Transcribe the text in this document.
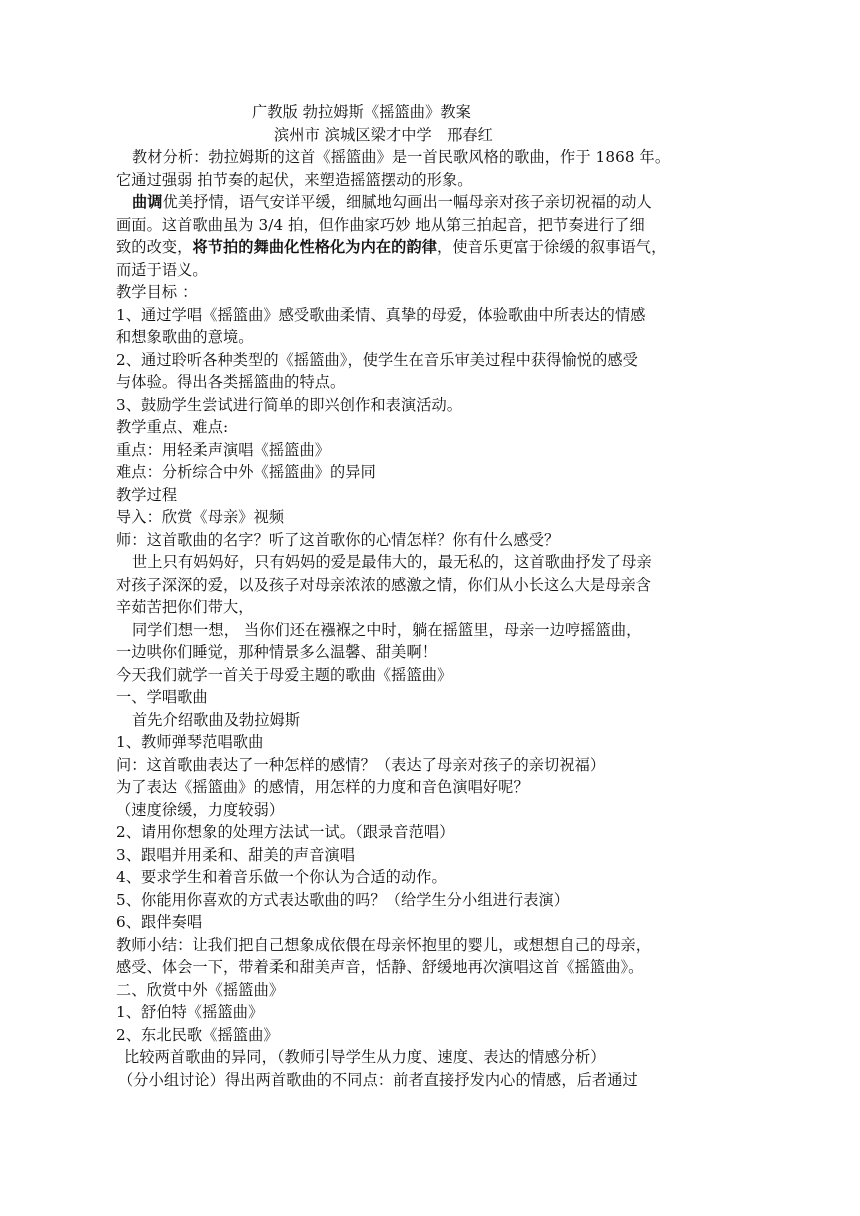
广教版 勃拉姆斯《摇篮曲》教案
滨州市 滨城区梁才中学　邢春红
教材分析：勃拉姆斯的这首《摇篮曲》是一首民歌风格的歌曲，作于 1868 年。
它通过强弱 拍节奏的起伏，来塑造摇篮摆动的形象。
曲调优美抒情，语气安详平缓，细腻地勾画出一幅母亲对孩子亲切祝福的动人
画面。这首歌曲虽为 3/4 拍，但作曲家巧妙 地从第三拍起音，把节奏进行了细
致的改变，将节拍的舞曲化性格化为内在的韵律，使音乐更富于徐缓的叙事语气，
而适于语义。
教学目标 ：
1、通过学唱《摇篮曲》感受歌曲柔情、真挚的母爱，体验歌曲中所表达的情感
和想象歌曲的意境。
2、通过聆听各种类型的《摇篮曲》，使学生在音乐审美过程中获得愉悦的感受
与体验。得出各类摇篮曲的特点。
3、鼓励学生尝试进行简单的即兴创作和表演活动。
教学重点、难点:
重点：用轻柔声演唱《摇篮曲》
难点：分析综合中外《摇篮曲》的异同
教学过程
导入：欣赏《母亲》视频
师：这首歌曲的名字？听了这首歌你的心情怎样？你有什么感受？
世上只有妈妈好，只有妈妈的爱是最伟大的，最无私的，这首歌曲抒发了母亲
对孩子深深的爱，以及孩子对母亲浓浓的感激之情，你们从小长这么大是母亲含
辛茹苦把你们带大，
同学们想一想， 当你们还在襁褓之中时，躺在摇篮里，母亲一边哼摇篮曲，
一边哄你们睡觉，那种情景多么温馨、甜美啊！
今天我们就学一首关于母爱主题的歌曲《摇篮曲》
一、学唱歌曲
首先介绍歌曲及勃拉姆斯
1、教师弹琴范唱歌曲
问：这首歌曲表达了一种怎样的感情？（表达了母亲对孩子的亲切祝福）
为了表达《摇篮曲》的感情，用怎样的力度和音色演唱好呢？
（速度徐缓，力度较弱）
2、请用你想象的处理方法试一试。（跟录音范唱）
3、跟唱并用柔和、甜美的声音演唱
4、要求学生和着音乐做一个你认为合适的动作。
5、你能用你喜欢的方式表达歌曲的吗？（给学生分小组进行表演）
6、跟伴奏唱
教师小结：让我们把自己想象成依偎在母亲怀抱里的婴儿，或想想自己的母亲，
感受、体会一下，带着柔和甜美声音，恬静、舒缓地再次演唱这首《摇篮曲》。
二、欣赏中外《摇篮曲》
1、舒伯特《摇篮曲》
2、东北民歌《摇篮曲》
比较两首歌曲的异同，（教师引导学生从力度、速度、表达的情感分析）
（分小组讨论）得出两首歌曲的不同点：前者直接抒发内心的情感，后者通过
